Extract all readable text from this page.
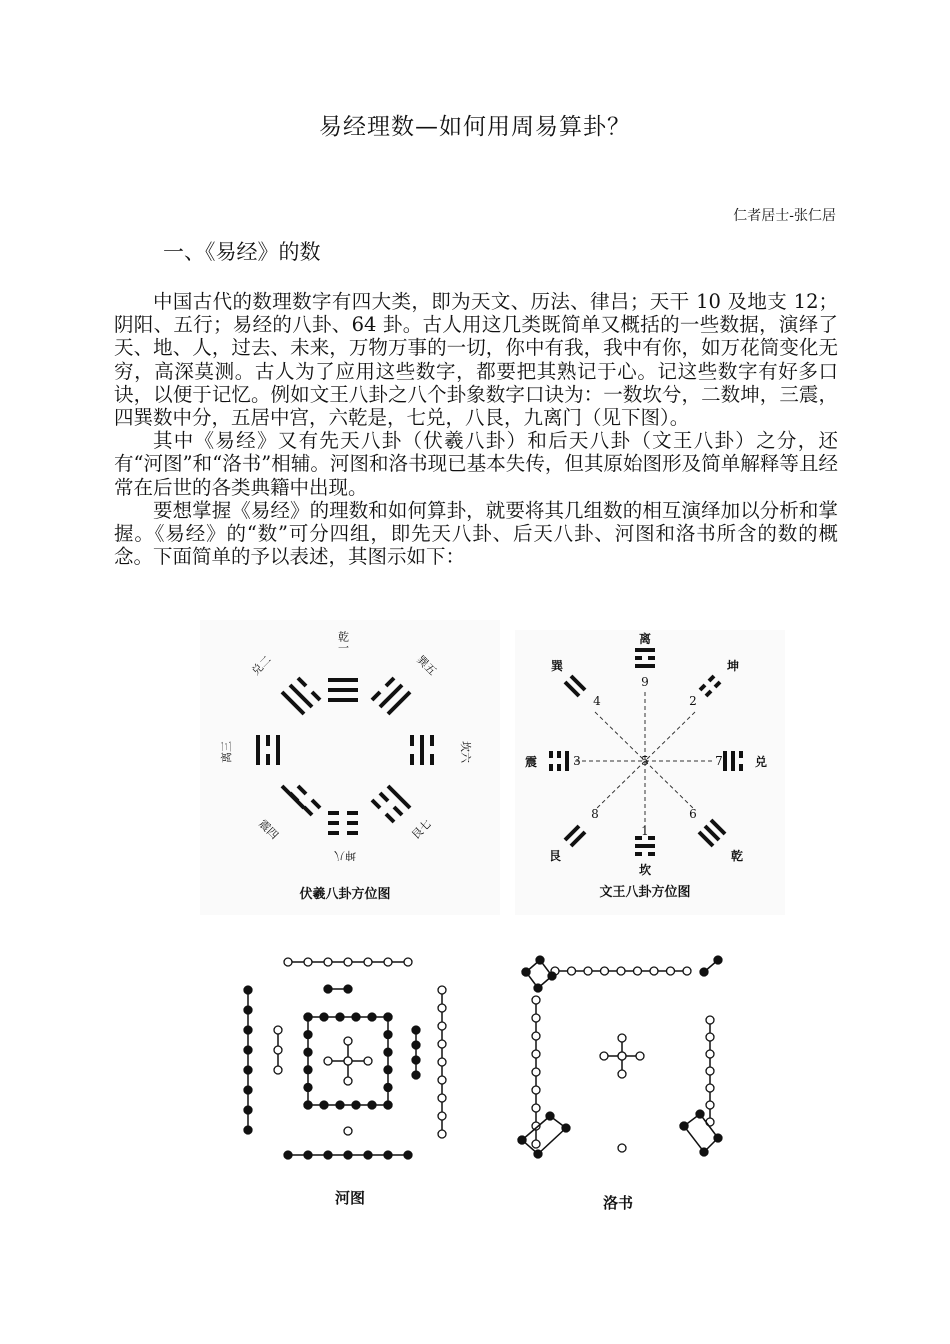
易经理数—如何用周易算卦？
仁者居士-张仁居
一、《易经》的数

中国古代的数理数字有四大类，即为天文、历法、律吕；天干 10 及地支 12；阴阳、五行；易经的八卦、64 卦。古人用这几类既简单又概括的一些数据，演绎了天、地、人，过去、未来，万物万事的一切，你中有我，我中有你，如万花筒变化无穷，高深莫测。古人为了应用这些数字，都要把其熟记于心。记这些数字有好多口诀，以便于记忆。例如文王八卦之八个卦象数字口诀为：一数坎兮，二数坤，三震，四巽数中分，五居中宫，六乾是，七兑，八艮，九离门（见下图）。

其中《易经》又有先天八卦（伏羲八卦）和后天八卦（文王八卦）之分，还有“河图”和“洛书”相辅。河图和洛书现已基本失传，但其原始图形及简单解释等且经常在后世的各类典籍中出现。

要想掌握《易经》的理数和如何算卦，就要将其几组数的相互演绎加以分析和掌握。《易经》的“数”可分四组，即先天八卦、后天八卦、河图和洛书所含的数的概念。下面简单的予以表述，其图示如下：

乾一
兑二
离三
震四
巽五
坎六
艮七
坤八
伏羲八卦方位图
9
2
7
6
1
8
3
4
5
离
坤
兑
乾
坎
艮
震
巽
文王八卦方位图
河图	洛书
